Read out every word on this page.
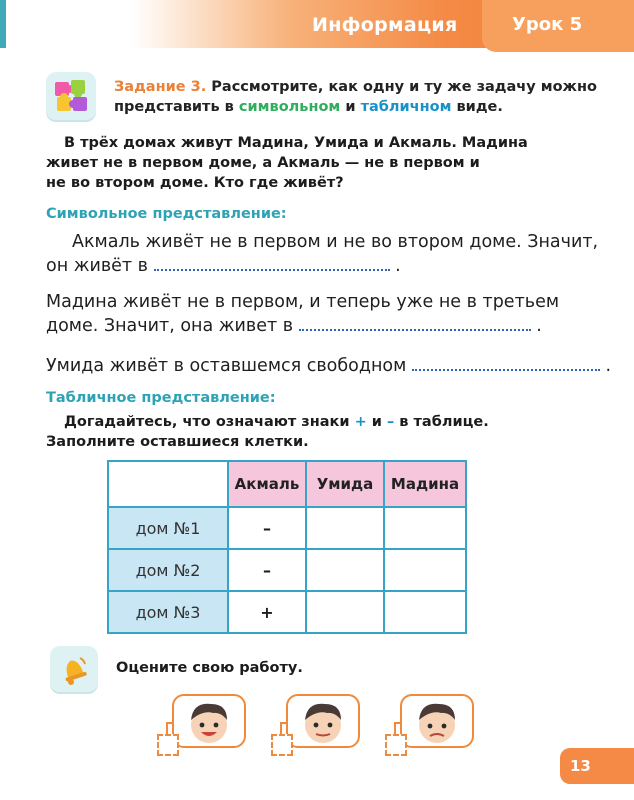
Информация	Урок 5
Задание 3. Рассмотрите, как одну и ту же задачу можно
представить в символьном и табличном виде.
В трёх домах живут Мадина, Умида и Акмаль. Мадина
живет не в первом доме, а Акмаль — не в первом и
не во втором доме. Кто где живёт?
Символьное представление:
Акмаль живёт не в первом и не во втором доме. Значит,
он живёт в	.
Мадина живёт не в первом, и теперь уже не в третьем
доме. Значит, она живет в	.
Умида живёт в оставшемся свободном	.
Табличное представление:
Догадайтесь, что означают знаки + и – в таблице.
Заполните оставшиеся клетки.
	Акмаль	Умида	Мадина
дом №1	–		
дом №2	–		
дом №3	+		
Оцените свою работу.
13
